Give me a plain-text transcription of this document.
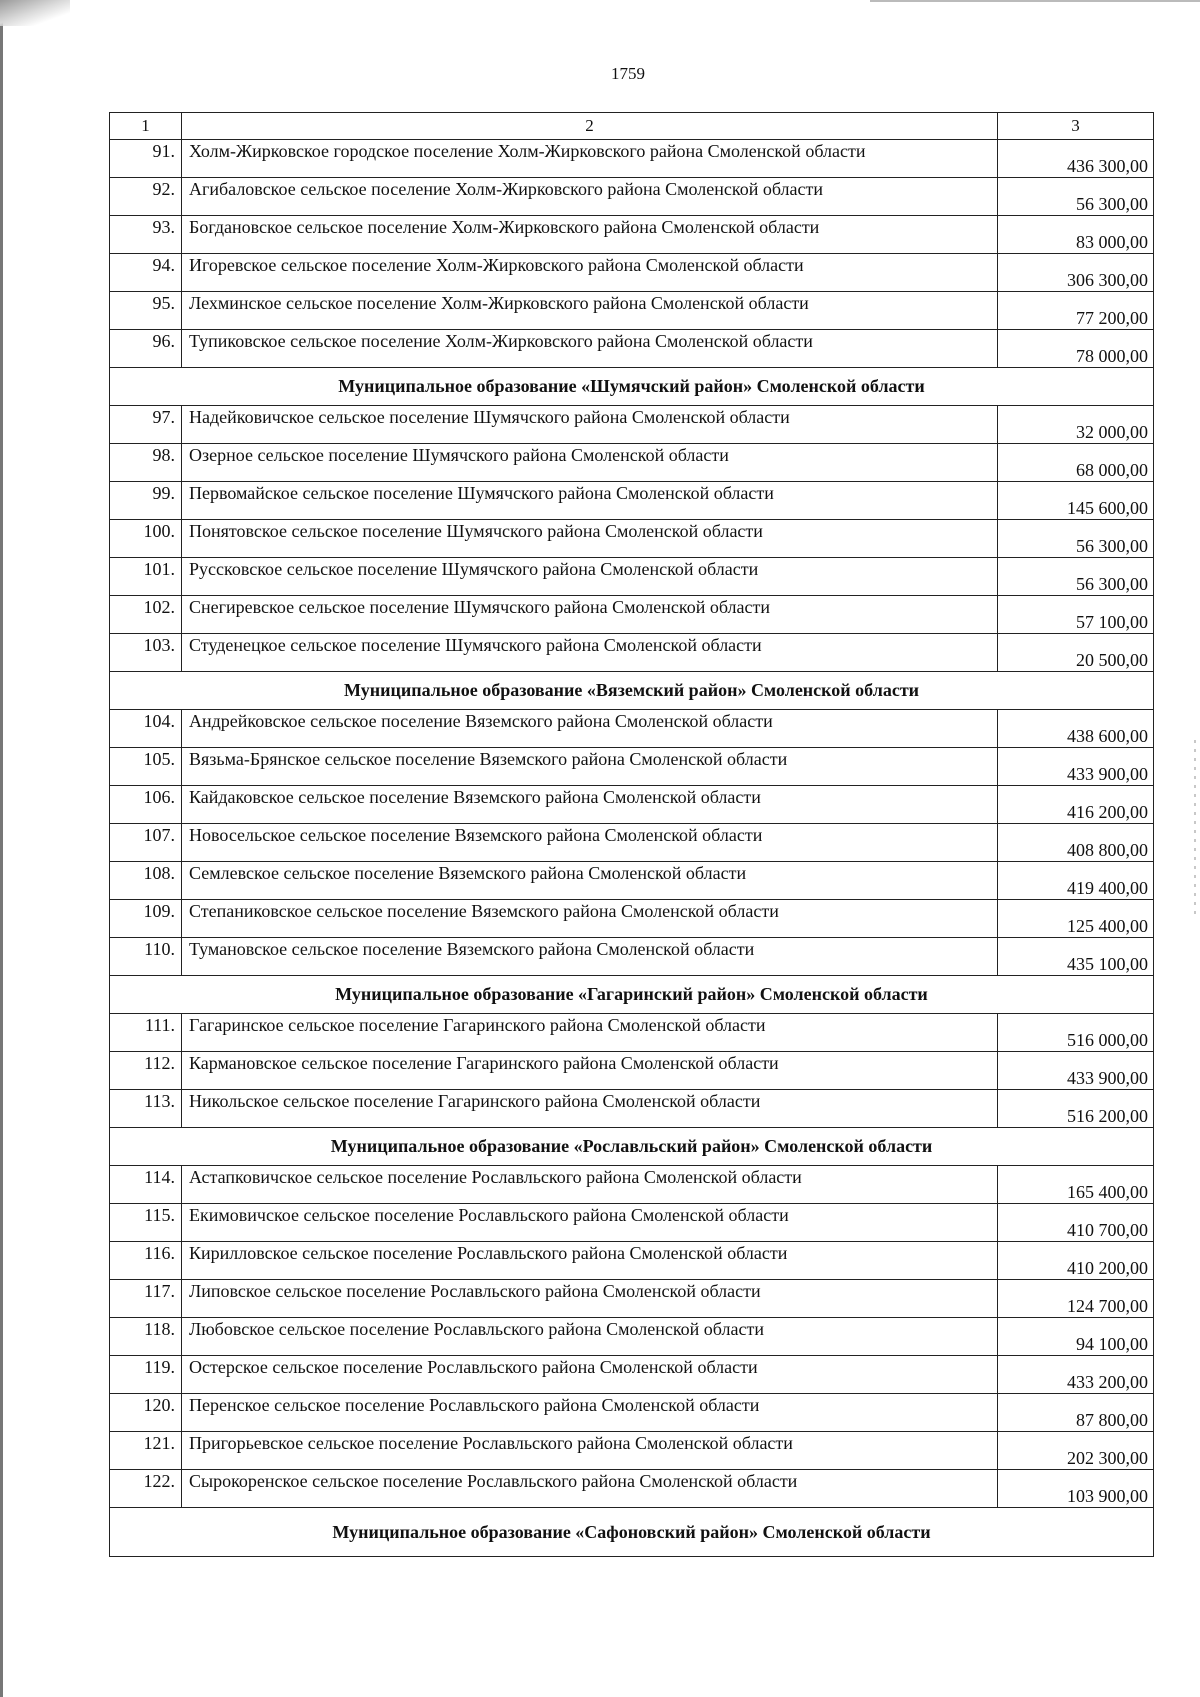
1759
1	2	3
91.	Холм-Жирковское городское поселение Холм-Жирковского района Смоленской области	436 300,00
92.	Агибаловское сельское поселение Холм-Жирковского района Смоленской области	56 300,00
93.	Богдановское сельское поселение Холм-Жирковского района Смоленской области	83 000,00
94.	Игоревское сельское поселение Холм-Жирковского района Смоленской области	306 300,00
95.	Лехминское сельское поселение Холм-Жирковского района Смоленской области	77 200,00
96.	Тупиковское сельское поселение Холм-Жирковского района Смоленской области	78 000,00
Муниципальное образование «Шумячский район» Смоленской области		
97.	Надейковичское сельское поселение Шумячского района Смоленской области	32 000,00
98.	Озерное сельское поселение Шумячского района Смоленской области	68 000,00
99.	Первомайское сельское поселение Шумячского района Смоленской области	145 600,00
100.	Понятовское сельское поселение Шумячского района Смоленской области	56 300,00
101.	Руссковское сельское поселение Шумячского района Смоленской области	56 300,00
102.	Снегиревское сельское поселение Шумячского района Смоленской области	57 100,00
103.	Студенецкое сельское поселение Шумячского района Смоленской области	20 500,00
Муниципальное образование «Вяземский район» Смоленской области		
104.	Андрейковское сельское поселение Вяземского района Смоленской области	438 600,00
105.	Вязьма-Брянское сельское поселение Вяземского района Смоленской области	433 900,00
106.	Кайдаковское сельское поселение Вяземского района Смоленской области	416 200,00
107.	Новосельское сельское поселение Вяземского района Смоленской области	408 800,00
108.	Семлевское сельское поселение Вяземского района Смоленской области	419 400,00
109.	Степаниковское сельское поселение Вяземского района Смоленской области	125 400,00
110.	Тумановское сельское поселение Вяземского района Смоленской области	435 100,00
Муниципальное образование «Гагаринский район» Смоленской области		
111.	Гагаринское сельское поселение Гагаринского района Смоленской области	516 000,00
112.	Кармановское сельское поселение Гагаринского района Смоленской области	433 900,00
113.	Никольское сельское поселение Гагаринского района Смоленской области	516 200,00
Муниципальное образование «Рославльский район» Смоленской области		
114.	Астапковичское сельское поселение Рославльского района Смоленской области	165 400,00
115.	Екимовичское сельское поселение Рославльского района Смоленской области	410 700,00
116.	Кирилловское сельское поселение Рославльского района Смоленской области	410 200,00
117.	Липовское сельское поселение Рославльского района Смоленской области	124 700,00
118.	Любовское сельское поселение Рославльского района Смоленской области	94 100,00
119.	Остерское сельское поселение Рославльского района Смоленской области	433 200,00
120.	Перенское сельское поселение Рославльского района Смоленской области	87 800,00
121.	Пригорьевское сельское поселение Рославльского района Смоленской области	202 300,00
122.	Сырокоренское сельское поселение Рославльского района Смоленской области	103 900,00
Муниципальное образование «Сафоновский район» Смоленской области		
